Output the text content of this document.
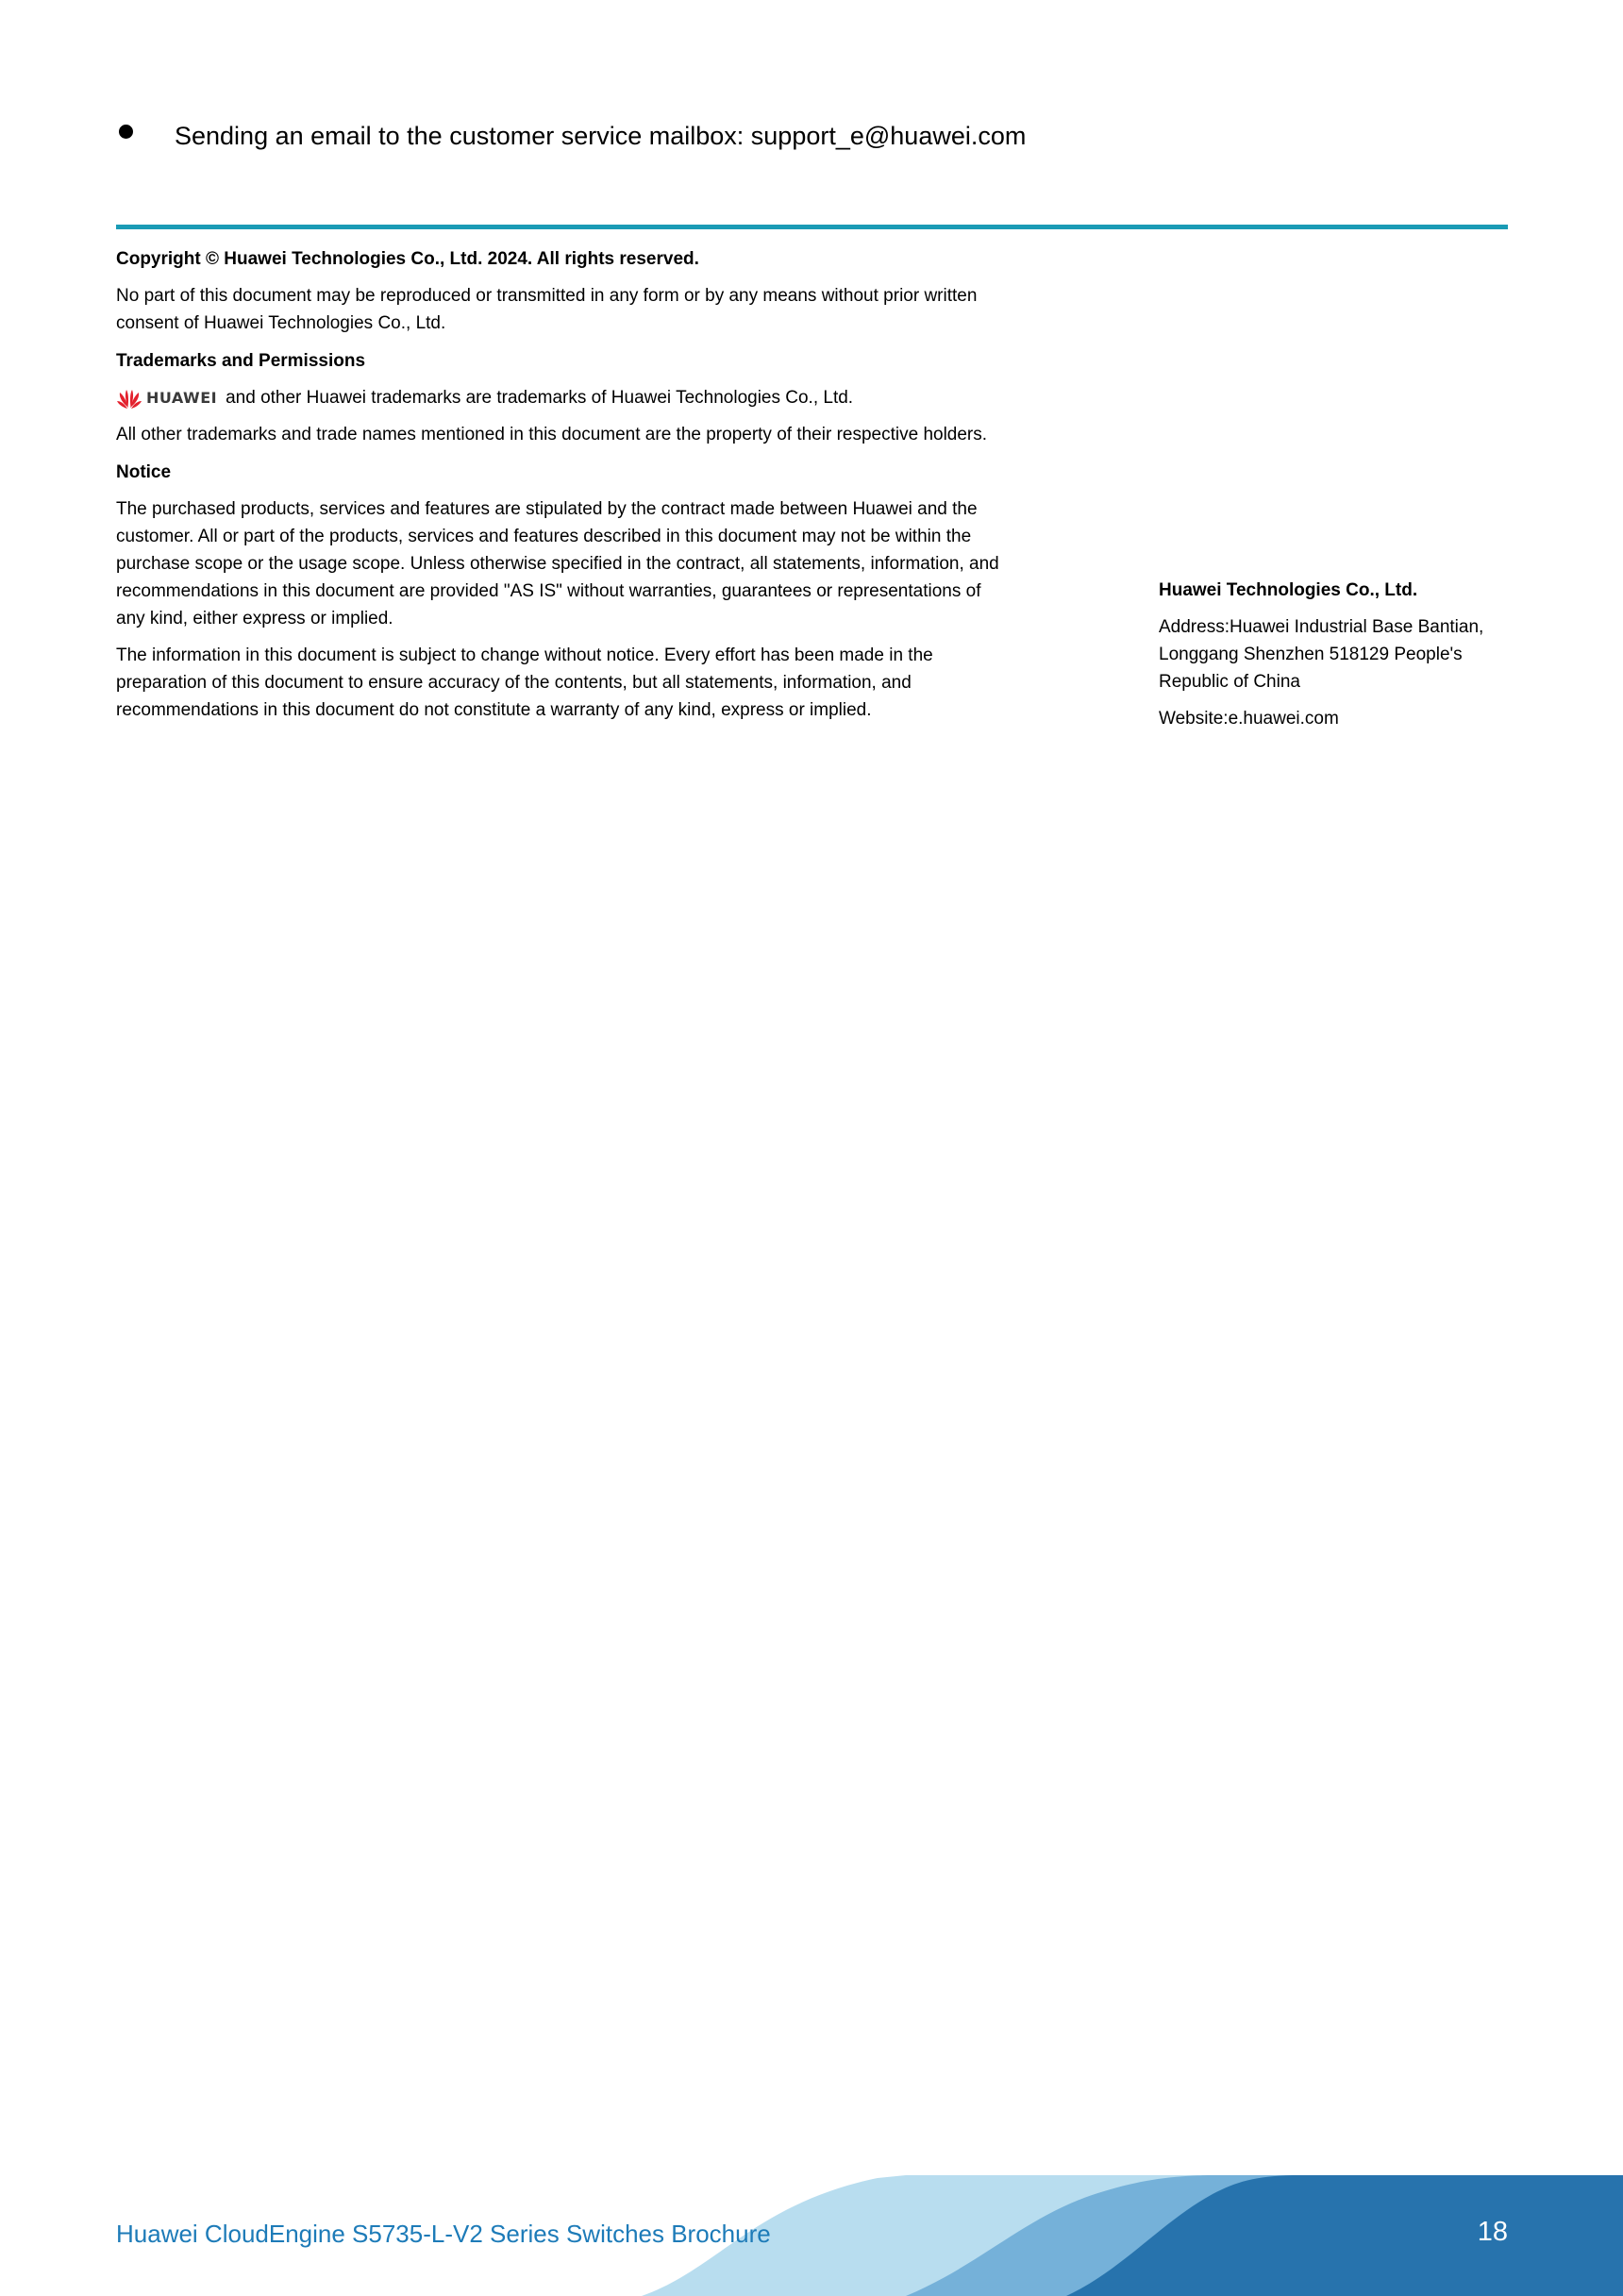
Sending an email to the customer service mailbox: support_e@huawei.com

Copyright © Huawei Technologies Co., Ltd. 2024. All rights reserved.

No part of this document may be reproduced or transmitted in any form or by any means without prior written

consent of Huawei Technologies Co., Ltd.

Trademarks and Permissions

HUAWEI and other Huawei trademarks are trademarks of Huawei Technologies Co., Ltd.

All other trademarks and trade names mentioned in this document are the property of their respective holders.

Notice

The purchased products, services and features are stipulated by the contract made between Huawei and the

customer. All or part of the products, services and features described in this document may not be within the

purchase scope or the usage scope. Unless otherwise specified in the contract, all statements, information, and

recommendations in this document are provided "AS IS" without warranties, guarantees or representations of

any kind, either express or implied.

The information in this document is subject to change without notice. Every effort has been made in the

preparation of this document to ensure accuracy of the contents, but all statements, information, and

recommendations in this document do not constitute a warranty of any kind, express or implied.

Huawei Technologies Co., Ltd.

Address:Huawei Industrial Base Bantian,

Longgang Shenzhen 518129 People's

Republic of China

Website:e.huawei.com

Huawei CloudEngine S5735-L-V2 Series Switches Brochure	18
